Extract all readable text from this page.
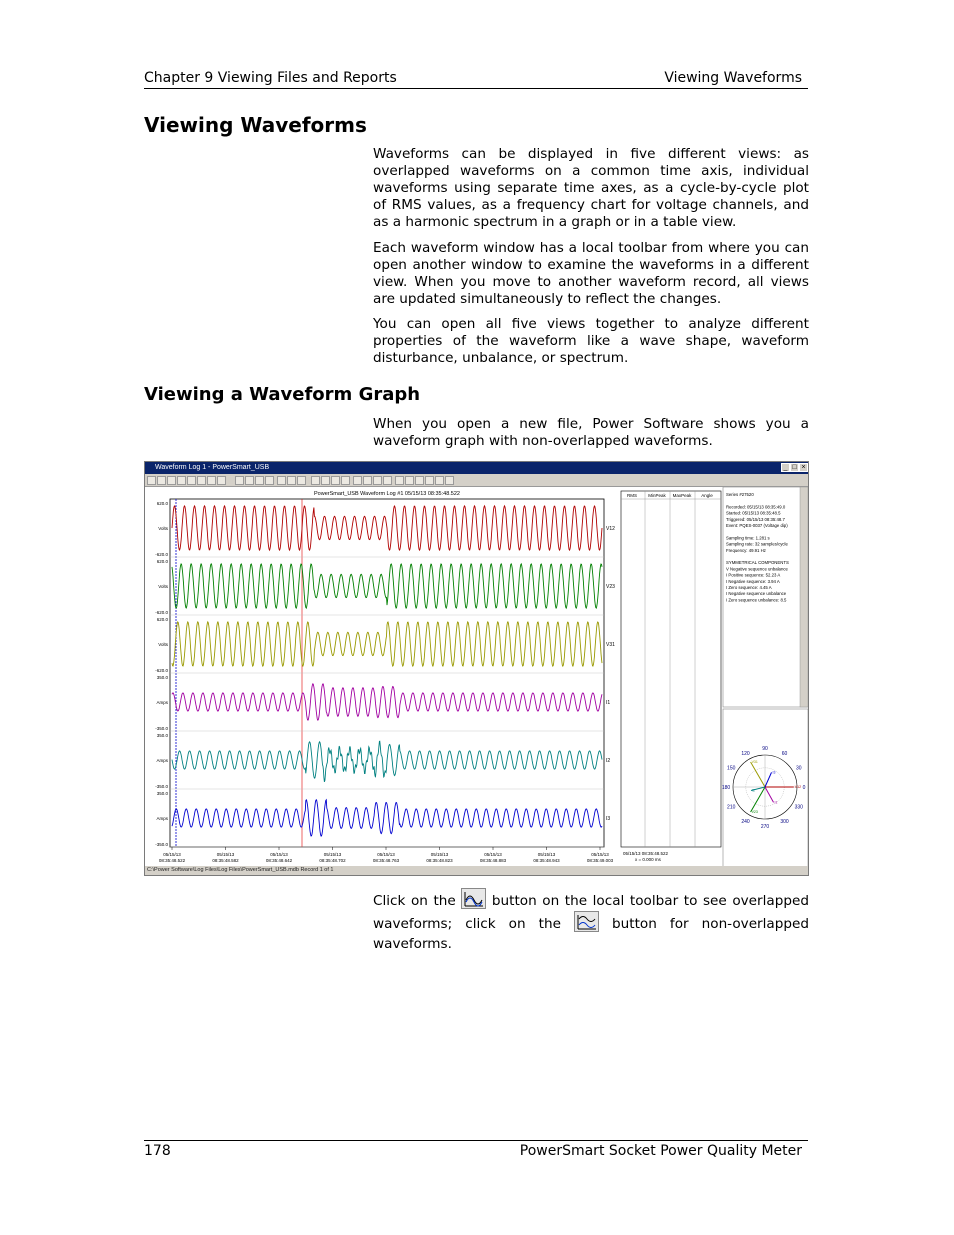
Chapter 9 Viewing Files and Reports	Viewing Waveforms
Viewing Waveforms

Waveforms can be displayed in five different views: as overlapped waveforms on a common time axis, individual waveforms using separate time axes, as a cycle-by-cycle plot of RMS values, as a frequency chart for voltage channels, and as a harmonic spectrum in a graph or in a table view.

Each waveform window has a local toolbar from where you can open another window to examine the waveforms in a different view. When you move to another waveform record, all views are updated simultaneously to reflect the changes.

You can open all five views together to analyze different properties of the waveform like a wave shape, waveform disturbance, unbalance, or spectrum.

Viewing a Waveform Graph

When you open a new file, Power Software shows you a waveform graph with non-overlapped waveforms.

Waveform Log 1 - PowerSmart_USB	_ □ ×
PowerSmart_USB Waveform Log #1 05/15/13 08:35:48.522
620.0
-620.0
Volts	V12
620.0
-620.0
Volts	V23
620.0
-620.0
Volts	V31
350.0
-350.0
Amps	I1
350.0
-350.0
Amps	I2
350.0
-350.0
Amps	I3
05/15/13
08:35:48.522
05/15/13
08:35:48.582
05/15/13
08:35:48.642
05/15/13
08:35:48.702
05/15/13
08:35:48.763
05/15/13
08:35:48.823
05/15/13
08:35:48.883
05/15/13
08:35:48.943
05/15/13
08:35:49.003
RMS MinPeak MaxPeak Angle
05/15/13 08:35:48.522
x = 0.000 ms
Series #27520
Recorded: 05/15/13 08:35:49.0
Started: 05/15/13 08:35:48.5
Triggered: 05/15/13 08:35:48.7
Event: PQES-0037 (Voltage dip)
Sampling time: 1.281 s
Sampling rate: 32 samples/cycle
Frequency: 49.91 Hz
SYMMETRICAL COMPONENTS
V Negative sequence unbalance
I Positive sequence: 52.23 A
I Negative sequence: 3.94 A
I Zero sequence: 4.45 A
I Negative sequence unbalance
I Zero sequence unbalance: 8.5
90
60
30
0
330
300
270
240
210
180
150
120
V12
V23
V31
I1
I2
I3
C:\Power Software\Log Files\Log Files\PowerSmart_USB.mdb Record 1 of 1

Click on the	button on the local toolbar to see overlapped waveforms; click on the	button for non-overlapped waveforms.

178	PowerSmart Socket Power Quality Meter
